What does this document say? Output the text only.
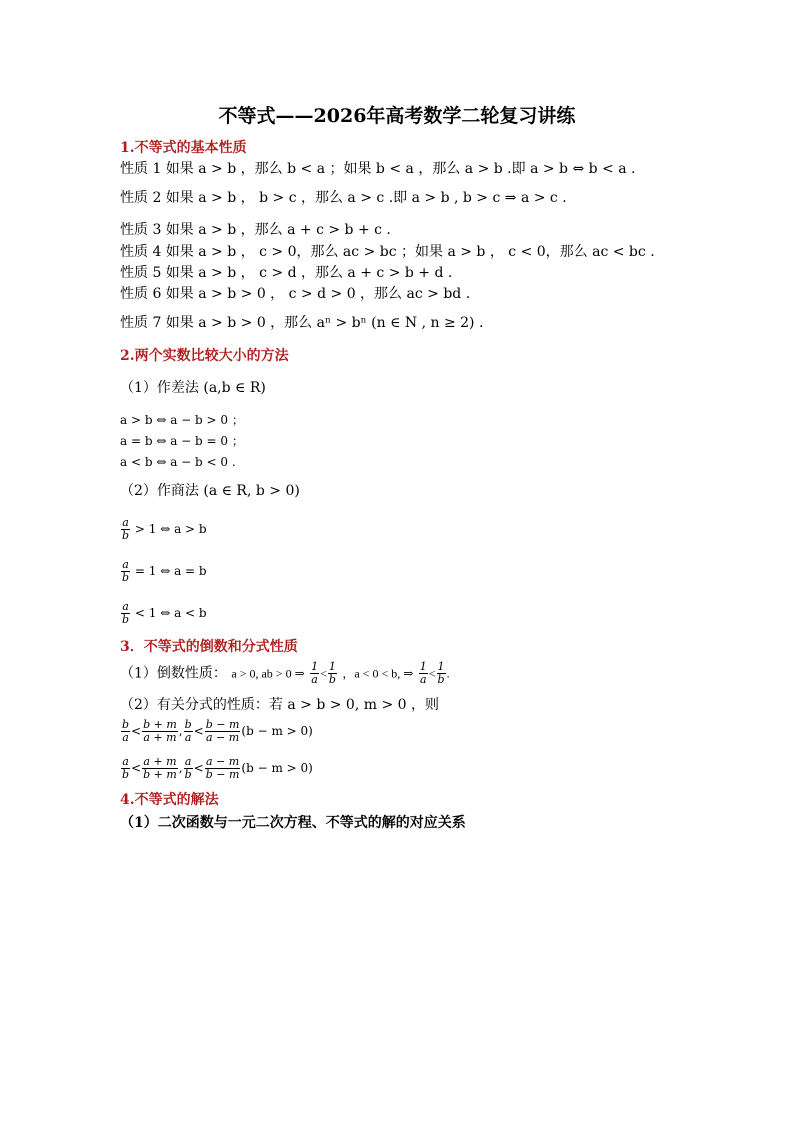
不等式——2026年高考数学二轮复习讲练
1.不等式的基本性质
性质 1 如果 a > b ，那么 b < a ；如果 b < a ，那么 a > b .即 a > b ⇔ b < a .
性质 2 如果 a > b ， b > c ，那么 a > c .即 a > b , b > c ⇒ a > c .
性质 3 如果 a > b ，那么 a + c > b + c .
性质 4 如果 a > b ， c > 0，那么 ac > bc ；如果 a > b ， c < 0，那么 ac < bc .
性质 5 如果 a > b ， c > d ，那么 a + c > b + d .
性质 6 如果 a > b > 0 ， c > d > 0 ，那么 ac > bd .
性质 7 如果 a > b > 0 ，那么 aⁿ > bⁿ (n ∈ N , n ≥ 2) .
2.两个实数比较大小的方法
（1）作差法 (a,b ∈ R)
a > b ⇔ a − b > 0 ；
a = b ⇔ a − b = 0 ；
a < b ⇔ a − b < 0 .
（2）作商法 (a ∈ R, b > 0)
$\frac{a}{b} > 1$ ⇔ a > b
$\frac{a}{b} = 1$ ⇔ a = b
$\frac{a}{b} < 1$ ⇔ a < b
3．不等式的倒数和分式性质
（1）倒数性质： a > 0, ab > 0 ⇒ $\frac{1}{a} < \frac{1}{b}$ ，a < 0 < b, ⇒ $\frac{1}{a} < \frac{1}{b}$ .
（2）有关分式的性质：若 a > b > 0, m > 0 ，则
$\frac{b}{a} < \frac{b + m}{a + m}$ , $\frac{b}{a} < \frac{b - m}{a - m} (b - m > 0)$
$\frac{a}{b} < \frac{a + m}{b + m}$ , $\frac{a}{b} < \frac{a - m}{b - m} (b - m > 0)$
4.不等式的解法
（1）二次函数与一元二次方程、不等式的解的对应关系
